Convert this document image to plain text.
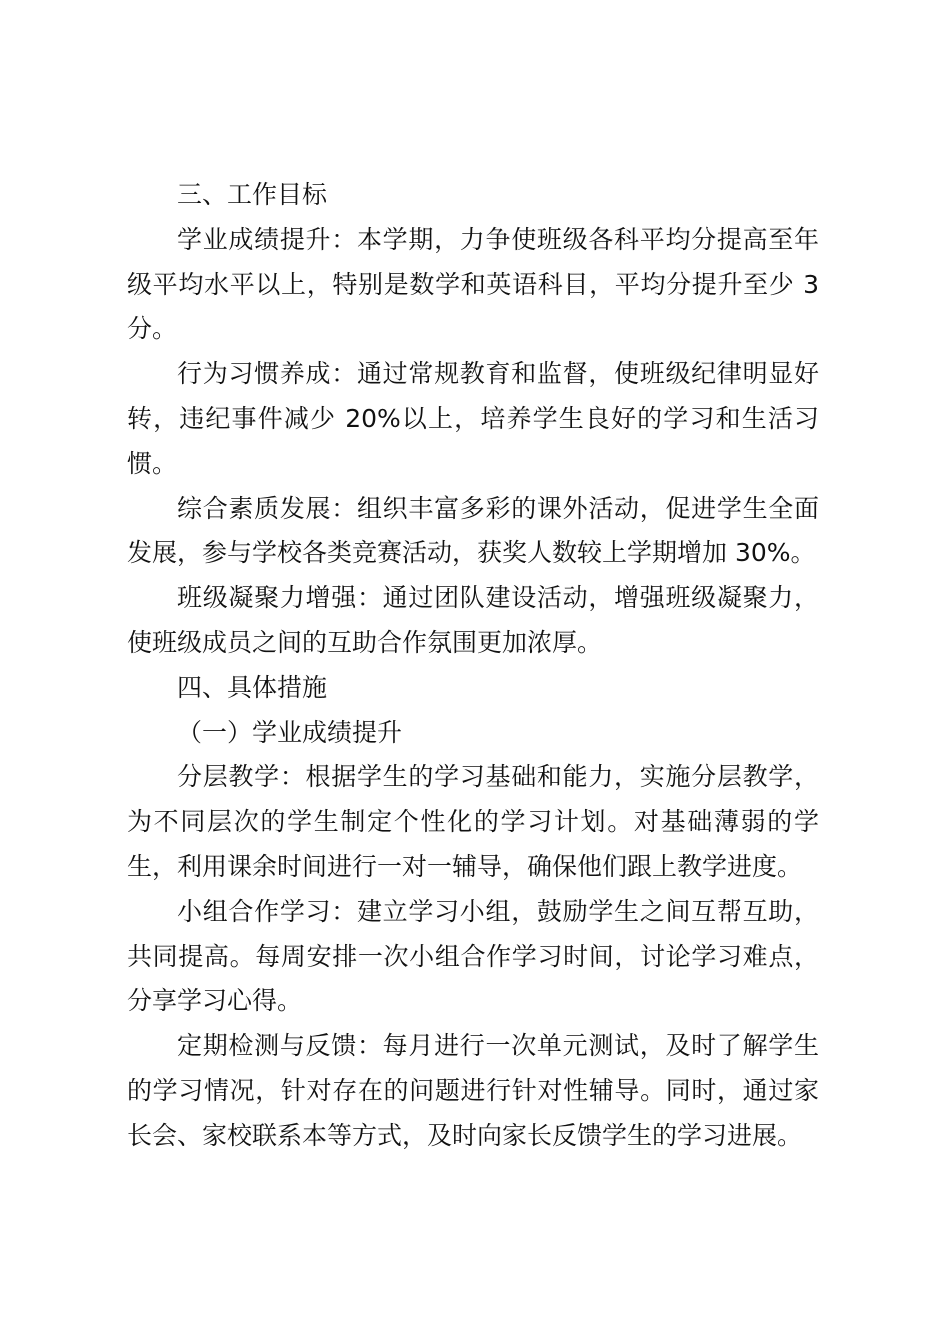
三、工作目标

学业成绩提升：本学期，力争使班级各科平均分提高至年级平均水平以上，特别是数学和英语科目，平均分提升至少 3 分。

行为习惯养成：通过常规教育和监督，使班级纪律明显好转，违纪事件减少 20%以上，培养学生良好的学习和生活习惯。

综合素质发展：组织丰富多彩的课外活动，促进学生全面发展，参与学校各类竞赛活动，获奖人数较上学期增加 30%。

班级凝聚力增强：通过团队建设活动，增强班级凝聚力，使班级成员之间的互助合作氛围更加浓厚。

四、具体措施

（一）学业成绩提升

分层教学：根据学生的学习基础和能力，实施分层教学，为不同层次的学生制定个性化的学习计划。对基础薄弱的学生，利用课余时间进行一对一辅导，确保他们跟上教学进度。

小组合作学习：建立学习小组，鼓励学生之间互帮互助，共同提高。每周安排一次小组合作学习时间，讨论学习难点，分享学习心得。

定期检测与反馈：每月进行一次单元测试，及时了解学生的学习情况，针对存在的问题进行针对性辅导。同时，通过家长会、家校联系本等方式，及时向家长反馈学生的学习进展。
